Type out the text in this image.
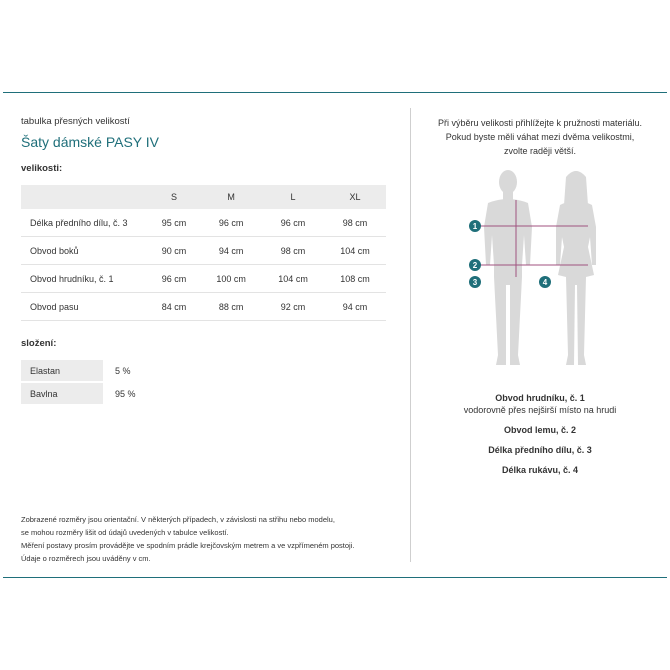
tabulka přesných velikostí

Šaty dámské PASY IV
velikosti:
	S	M	L	XL
Délka předního dílu, č. 3	95 cm	96 cm	96 cm	98 cm
Obvod boků	90 cm	94 cm	98 cm	104 cm
Obvod hrudníku, č. 1	96 cm	100 cm	104 cm	108 cm
Obvod pasu	84 cm	88 cm	92 cm	94 cm
složení:
Elastan	5 %
Bavlna	95 %

Zobrazené rozměry jsou orientační. V některých případech, v závislosti na střihu nebo modelu,

se mohou rozměry lišit od údajů uvedených v tabulce velikostí.

Měření postavy prosím provádějte ve spodním prádle krejčovským metrem a ve vzpřímeném postoji.

Údaje o rozměrech jsou uváděny v cm.

Při výběru velikosti přihlížejte k pružnosti materiálu.

Pokud byste měli váhat mezi dvěma velikostmi,

zvolte raději větší.

1
2
3	4

Obvod hrudníku, č. 1

vodorovně přes nejširší místo na hrudi

Obvod lemu, č. 2

Délka předního dílu, č. 3

Délka rukávu, č. 4
